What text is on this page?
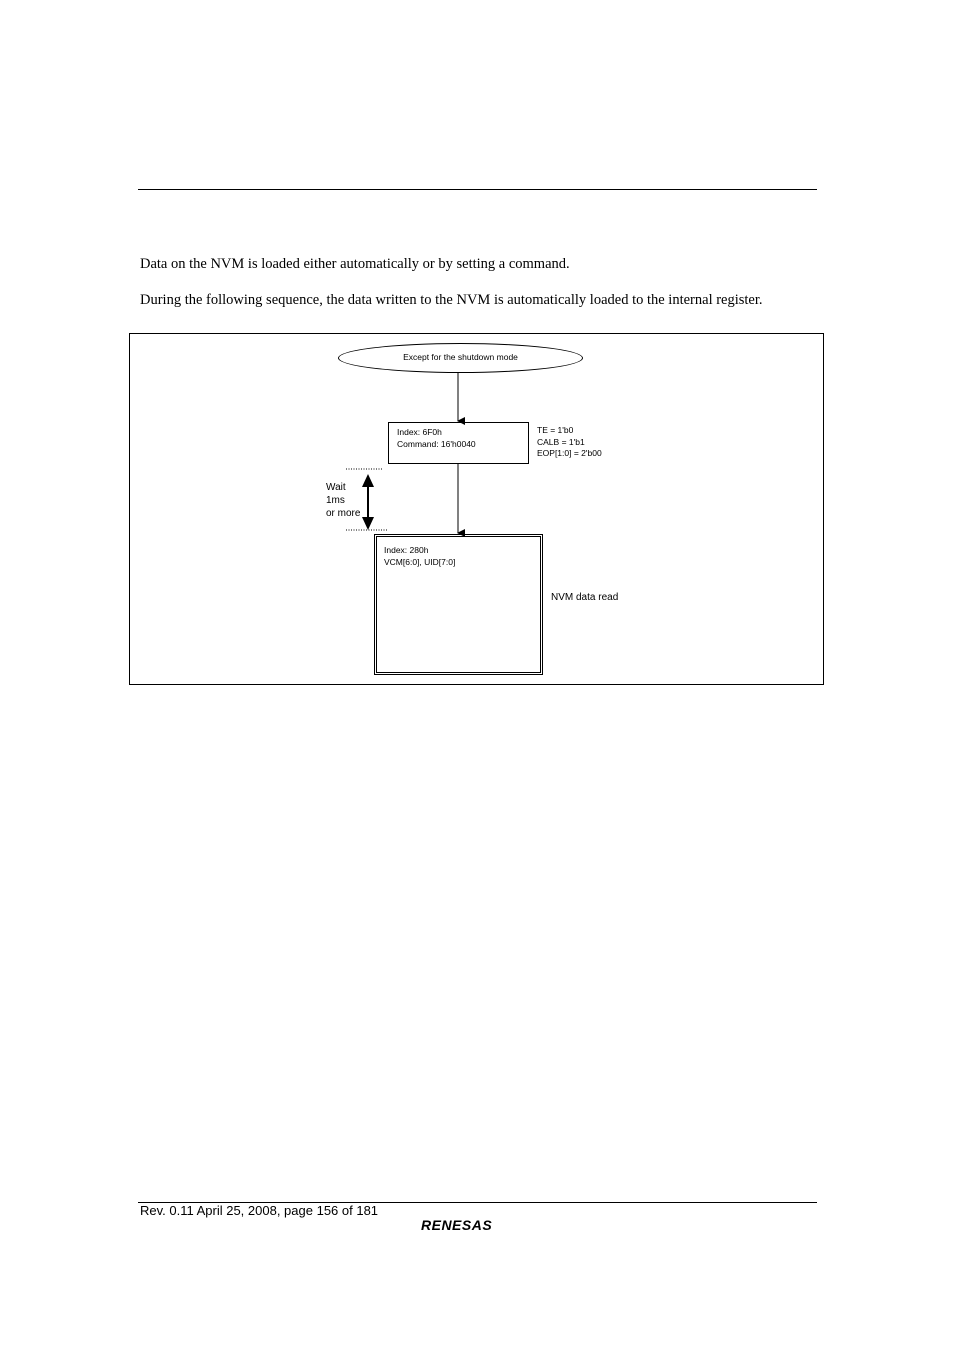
Data on the NVM is loaded either automatically or by setting a command.
During the following sequence, the data written to the NVM is automatically loaded to the internal register.
Except for the shutdown mode
Index: 6F0h
Command: 16'h0040
TE = 1'b0
CALB = 1'b1
EOP[1:0] = 2'b00
Wait
1ms
or more
Index: 280h
VCM[6:0], UID[7:0]
NVM data read
Rev. 0.11 April 25, 2008, page 156 of 181
RENESAS
